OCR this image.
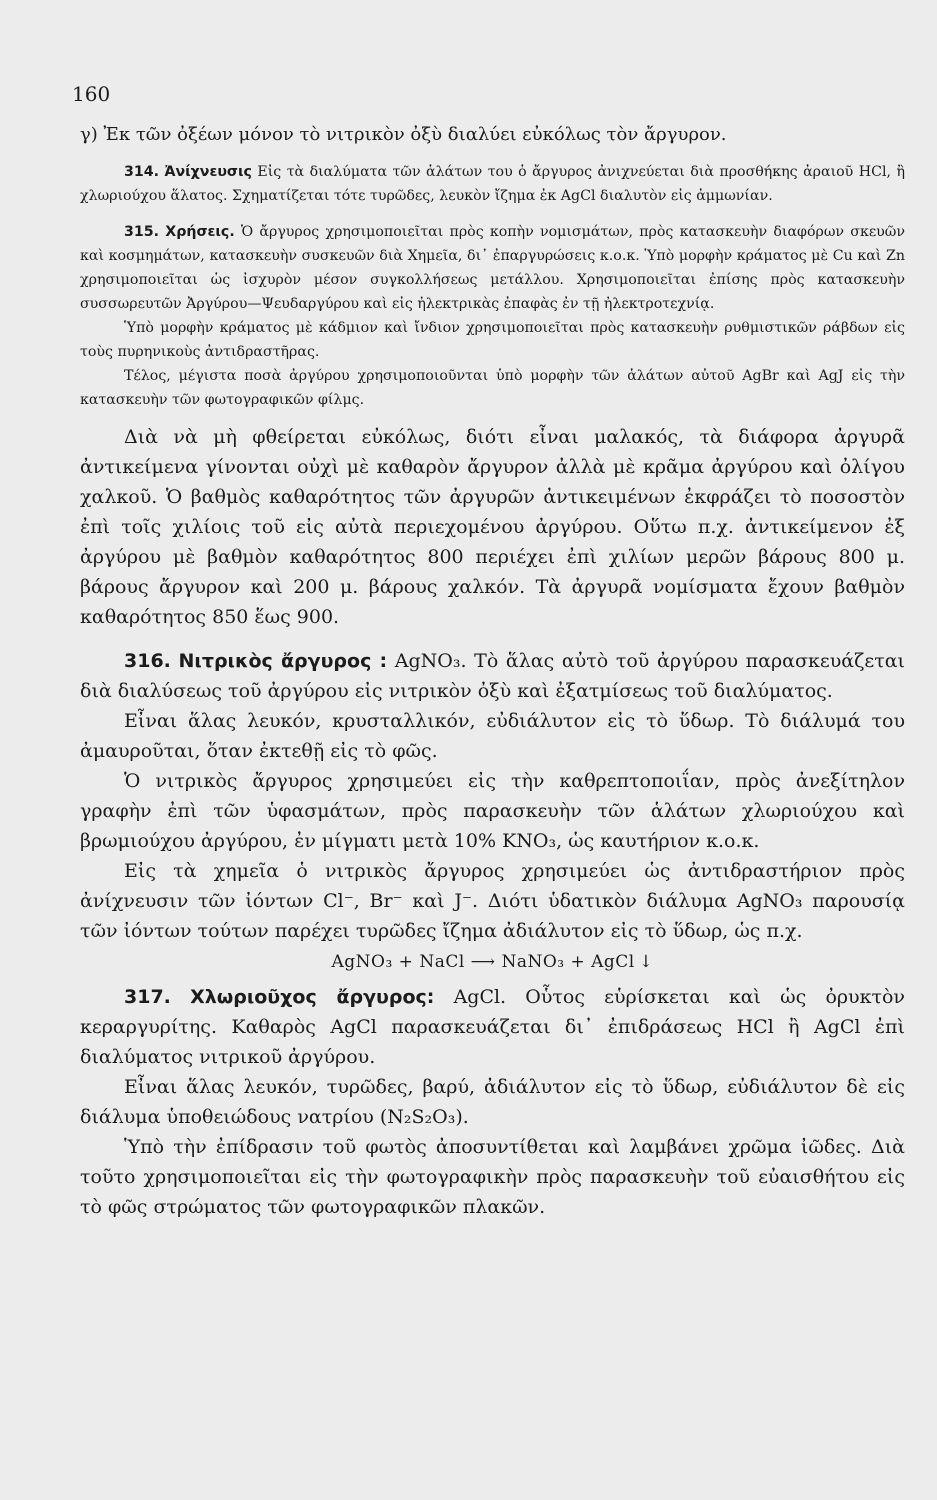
160

γ) Ἐκ τῶν ὀξέων μόνον τὸ νιτρικὸν ὀξὺ διαλύει εὐκόλως τὸν ἄργυρον.

314. Ἀνίχνευσις Εἰς τὰ διαλύματα τῶν ἁλάτων του ὁ ἄργυρος ἀνιχνεύεται διὰ προσθήκης ἀραιοῦ HCl, ἢ χλωριούχου ἅλατος. Σχηματίζεται τότε τυρῶδες, λευκὸν ἴζημα ἐκ AgCl διαλυτὸν εἰς ἀμμωνίαν.

315. Χρήσεις. Ὁ ἄργυρος χρησιμοποιεῖται πρὸς κοπὴν νομισμάτων, πρὸς κατασκευὴν διαφόρων σκευῶν καὶ κοσμημάτων, κατασκευὴν συσκευῶν διὰ Χημεῖα, δι᾿ ἐπαργυρώσεις κ.ο.κ. Ὑπὸ μορφὴν κράματος μὲ Cu καὶ Zn χρησιμοποιεῖται ὡς ἰσχυρὸν μέσον συγκολλήσεως μετάλλου. Χρησιμοποιεῖται ἐπίσης πρὸς κατασκευὴν συσσωρευτῶν Ἀργύρου—Ψευδαργύρου καὶ εἰς ἠλεκτρικὰς ἐπαφὰς ἐν τῇ ἠλεκτροτεχνίᾳ.

Ὑπὸ μορφὴν κράματος μὲ κάδμιον καὶ ἴνδιον χρησιμοποιεῖται πρὸς κατασκευὴν ρυθμιστικῶν ράβδων εἰς τοὺς πυρηνικοὺς ἀντιδραστῆρας.

Τέλος, μέγιστα ποσὰ ἀργύρου χρησιμοποιοῦνται ὑπὸ μορφὴν τῶν ἁλάτων αὐτοῦ AgBr καὶ AgJ εἰς τὴν κατασκευὴν τῶν φωτογραφικῶν φίλμς.

Διὰ νὰ μὴ φθείρεται εὐκόλως, διότι εἶναι μαλακός, τὰ διάφορα ἀργυρᾶ ἀντικείμενα γίνονται οὐχὶ μὲ καθαρὸν ἄργυρον ἀλλὰ μὲ κρᾶμα ἀργύρου καὶ ὀλίγου χαλκοῦ. Ὁ βαθμὸς καθαρότητος τῶν ἀργυρῶν ἀντικειμένων ἐκφράζει τὸ ποσοστὸν ἐπὶ τοῖς χιλίοις τοῦ εἰς αὐτὰ περιεχομένου ἀργύρου. Οὕτω π.χ. ἀντικείμενον ἐξ ἀργύρου μὲ βαθμὸν καθαρότητος 800 περιέχει ἐπὶ χιλίων μερῶν βάρους 800 μ. βάρους ἄργυρον καὶ 200 μ. βάρους χαλκόν. Τὰ ἀργυρᾶ νομίσματα ἔχουν βαθμὸν καθαρότητος 850 ἕως 900.

316. Νιτρικὸς ἄργυρος : AgNO₃. Τὸ ἅλας αὐτὸ τοῦ ἀργύρου παρασκευάζεται διὰ διαλύσεως τοῦ ἀργύρου εἰς νιτρικὸν ὀξὺ καὶ ἐξατμίσεως τοῦ διαλύματος.

Εἶναι ἅλας λευκόν, κρυσταλλικόν, εὐδιάλυτον εἰς τὸ ὕδωρ. Τὸ διάλυμά του ἀμαυροῦται, ὅταν ἐκτεθῇ εἰς τὸ φῶς.

Ὁ νιτρικὸς ἄργυρος χρησιμεύει εἰς τὴν καθρεπτοποιΐαν, πρὸς ἀνεξίτηλον γραφὴν ἐπὶ τῶν ὑφασμάτων, πρὸς παρασκευὴν τῶν ἁλάτων χλωριούχου καὶ βρωμιούχου ἀργύρου, ἐν μίγματι μετὰ 10% KNO₃, ὡς καυτήριον κ.ο.κ.

Εἰς τὰ χημεῖα ὁ νιτρικὸς ἄργυρος χρησιμεύει ὡς ἀντιδραστήριον πρὸς ἀνίχνευσιν τῶν ἰόντων Cl⁻, Br⁻ καὶ J⁻. Διότι ὑδατικὸν διάλυμα AgNO₃ παρουσίᾳ τῶν ἰόντων τούτων παρέχει τυρῶδες ἴζημα ἀδιάλυτον εἰς τὸ ὕδωρ, ὡς π.χ.

AgNO₃ + NaCl ⟶ NaNO₃ + AgCl ↓

317. Χλωριοῦχος ἄργυρος: AgCl. Οὗτος εὑρίσκεται καὶ ὡς ὀρυκτὸν κεραργυρίτης. Καθαρὸς AgCl παρασκευάζεται δι᾿ ἐπιδράσεως HCl ἢ AgCl ἐπὶ διαλύματος νιτρικοῦ ἀργύρου.

Εἶναι ἅλας λευκόν, τυρῶδες, βαρύ, ἀδιάλυτον εἰς τὸ ὕδωρ, εὐδιάλυτον δὲ εἰς διάλυμα ὑποθειώδους νατρίου (N₂S₂O₃).

Ὑπὸ τὴν ἐπίδρασιν τοῦ φωτὸς ἀποσυντίθεται καὶ λαμβάνει χρῶμα ἰῶδες. Διὰ τοῦτο χρησιμοποιεῖται εἰς τὴν φωτογραφικὴν πρὸς παρασκευὴν τοῦ εὐαισθήτου εἰς τὸ φῶς στρώματος τῶν φωτογραφικῶν πλακῶν.
